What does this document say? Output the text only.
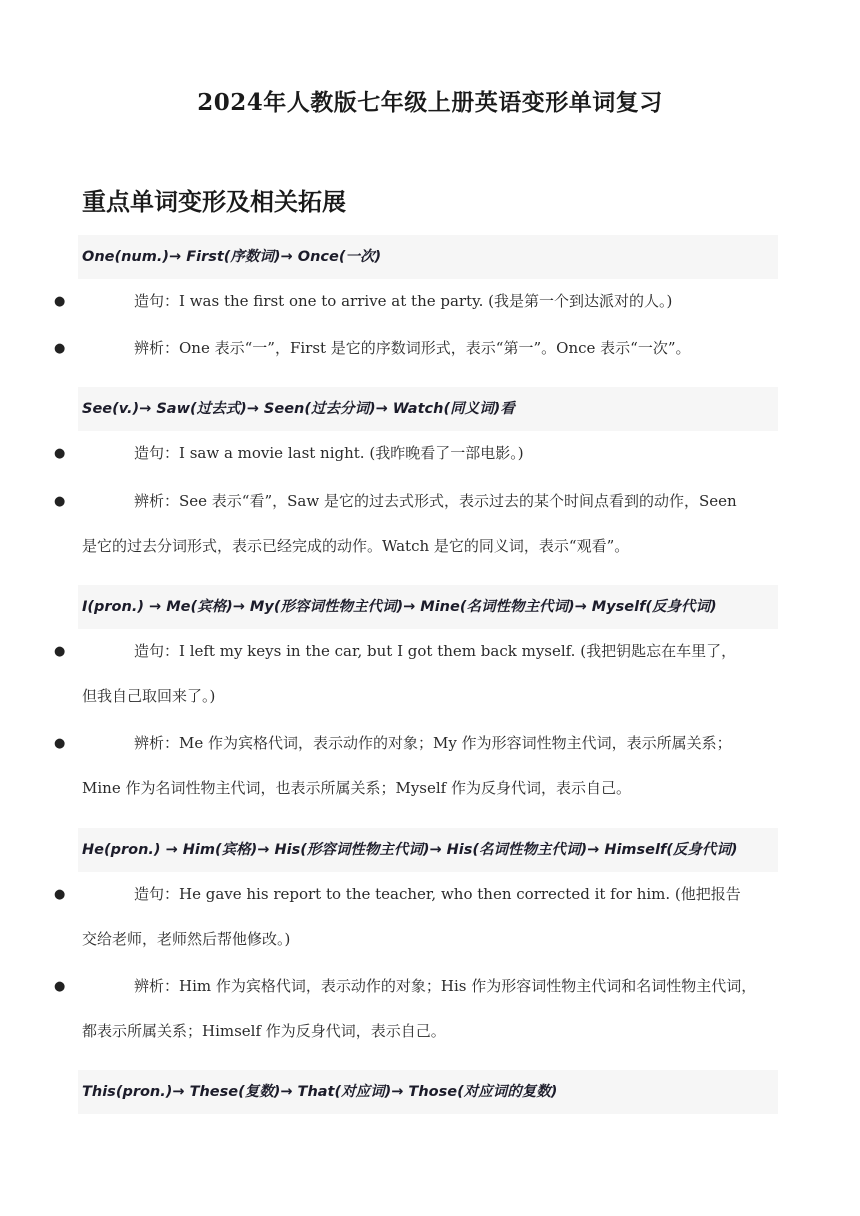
2024年人教版七年级上册英语变形单词复习
重点单词变形及相关拓展
One(num.)→ First(序数词)→ Once(一次)
●	造句：I was the first one to arrive at the party. (我是第一个到达派对的人。)
●	辨析：One 表示“一”，First 是它的序数词形式，表示“第一”。Once 表示“一次”。
See(v.)→ Saw(过去式)→ Seen(过去分词)→ Watch(同义词)看
●	造句：I saw a movie last night. (我昨晚看了一部电影。)
●	辨析：See 表示“看”，Saw 是它的过去式形式，表示过去的某个时间点看到的动作，Seen
是它的过去分词形式，表示已经完成的动作。Watch 是它的同义词，表示“观看”。
I(pron.) → Me(宾格)→ My(形容词性物主代词)→ Mine(名词性物主代词)→ Myself(反身代词)
●	造句：I left my keys in the car, but I got them back myself. (我把钥匙忘在车里了，
但我自己取回来了。)
●	辨析：Me 作为宾格代词，表示动作的对象；My 作为形容词性物主代词，表示所属关系；
Mine 作为名词性物主代词，也表示所属关系；Myself 作为反身代词，表示自己。
He(pron.) → Him(宾格)→ His(形容词性物主代词)→ His(名词性物主代词)→ Himself(反身代词)
●	造句：He gave his report to the teacher, who then corrected it for him. (他把报告
交给老师，老师然后帮他修改。)
●	辨析：Him 作为宾格代词，表示动作的对象；His 作为形容词性物主代词和名词性物主代词，
都表示所属关系；Himself 作为反身代词，表示自己。
This(pron.)→ These(复数)→ That(对应词)→ Those(对应词的复数)
